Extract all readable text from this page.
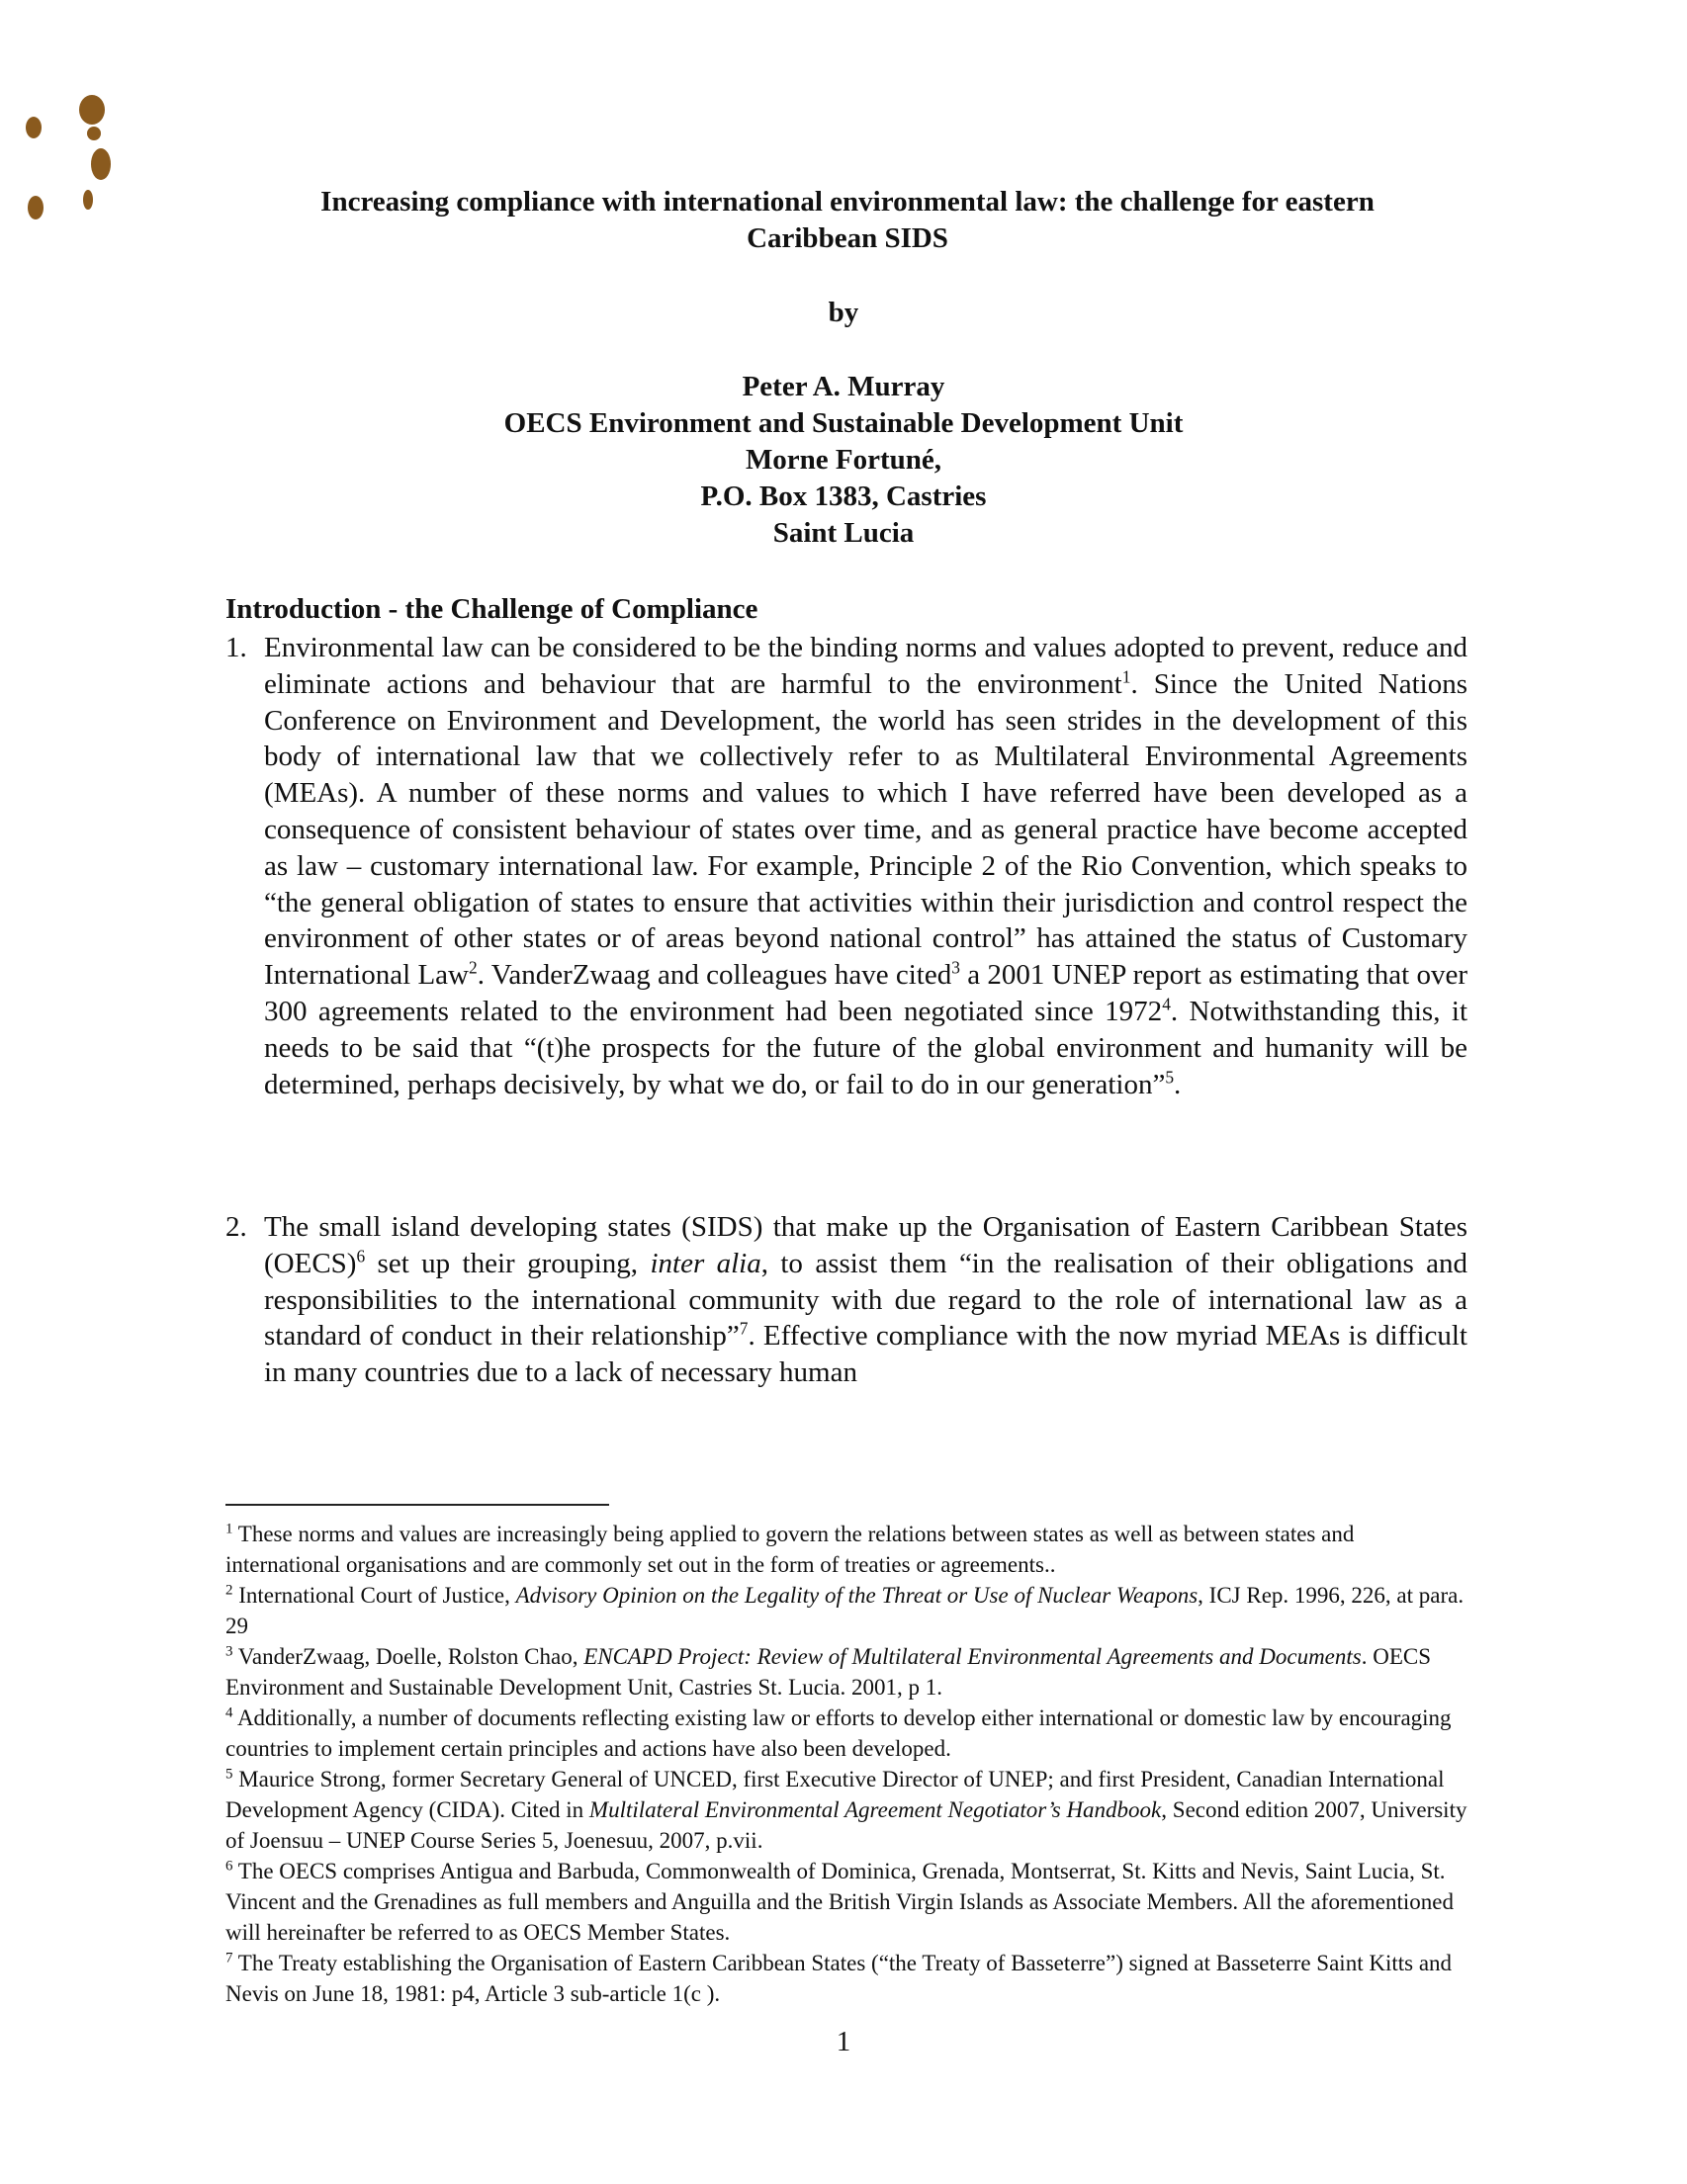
Increasing compliance with international environmental law: the challenge for eastern
Caribbean SIDS
by
Peter A. Murray
OECS Environment and Sustainable Development Unit
Morne Fortuné,
P.O. Box 1383, Castries
Saint Lucia
Introduction - the Challenge of Compliance
1. Environmental law can be considered to be the binding norms and values adopted to prevent, reduce and eliminate actions and behaviour that are harmful to the environment$^1$. Since the United Nations Conference on Environment and Development, the world has seen strides in the development of this body of international law that we collectively refer to as Multilateral Environmental Agreements (MEAs). A number of these norms and values to which I have referred have been developed as a consequence of consistent behaviour of states over time, and as general practice have become accepted as law – customary international law. For example, Principle 2 of the Rio Convention, which speaks to “the general obligation of states to ensure that activities within their jurisdiction and control respect the environment of other states or of areas beyond national control” has attained the status of Customary International Law$^2$. VanderZwaag and colleagues have cited$^3$ a 2001 UNEP report as estimating that over 300 agreements related to the environment had been negotiated since 1972$^4$. Notwithstanding this, it needs to be said that “(t)he prospects for the future of the global environment and humanity will be determined, perhaps decisively, by what we do, or fail to do in our generation”$^5$.
2. The small island developing states (SIDS) that make up the Organisation of Eastern Caribbean States (OECS)$^6$ set up their grouping, inter alia, to assist them “in the realisation of their obligations and responsibilities to the international community with due regard to the role of international law as a standard of conduct in their relationship”$^7$. Effective compliance with the now myriad MEAs is difficult in many countries due to a lack of necessary human
$^1$ These norms and values are increasingly being applied to govern the relations between states as well as between states and international organisations and are commonly set out in the form of treaties or agreements..
$^2$ International Court of Justice, Advisory Opinion on the Legality of the Threat or Use of Nuclear Weapons, ICJ Rep. 1996, 226, at para. 29
$^3$ VanderZwaag, Doelle, Rolston Chao, ENCAPD Project: Review of Multilateral Environmental Agreements and Documents. OECS Environment and Sustainable Development Unit, Castries St. Lucia. 2001, p 1.
$^4$ Additionally, a number of documents reflecting existing law or efforts to develop either international or domestic law by encouraging countries to implement certain principles and actions have also been developed.
$^5$ Maurice Strong, former Secretary General of UNCED, first Executive Director of UNEP; and first President, Canadian International Development Agency (CIDA). Cited in Multilateral Environmental Agreement Negotiator’s Handbook, Second edition 2007, University of Joensuu – UNEP Course Series 5, Joenesuu, 2007, p.vii.
$^6$ The OECS comprises Antigua and Barbuda, Commonwealth of Dominica, Grenada, Montserrat, St. Kitts and Nevis, Saint Lucia, St. Vincent and the Grenadines as full members and Anguilla and the British Virgin Islands as Associate Members. All the aforementioned will hereinafter be referred to as OECS Member States.
$^7$ The Treaty establishing the Organisation of Eastern Caribbean States (“the Treaty of Basseterre”) signed at Basseterre Saint Kitts and Nevis on June 18, 1981: p4, Article 3 sub-article 1(c ).
1
